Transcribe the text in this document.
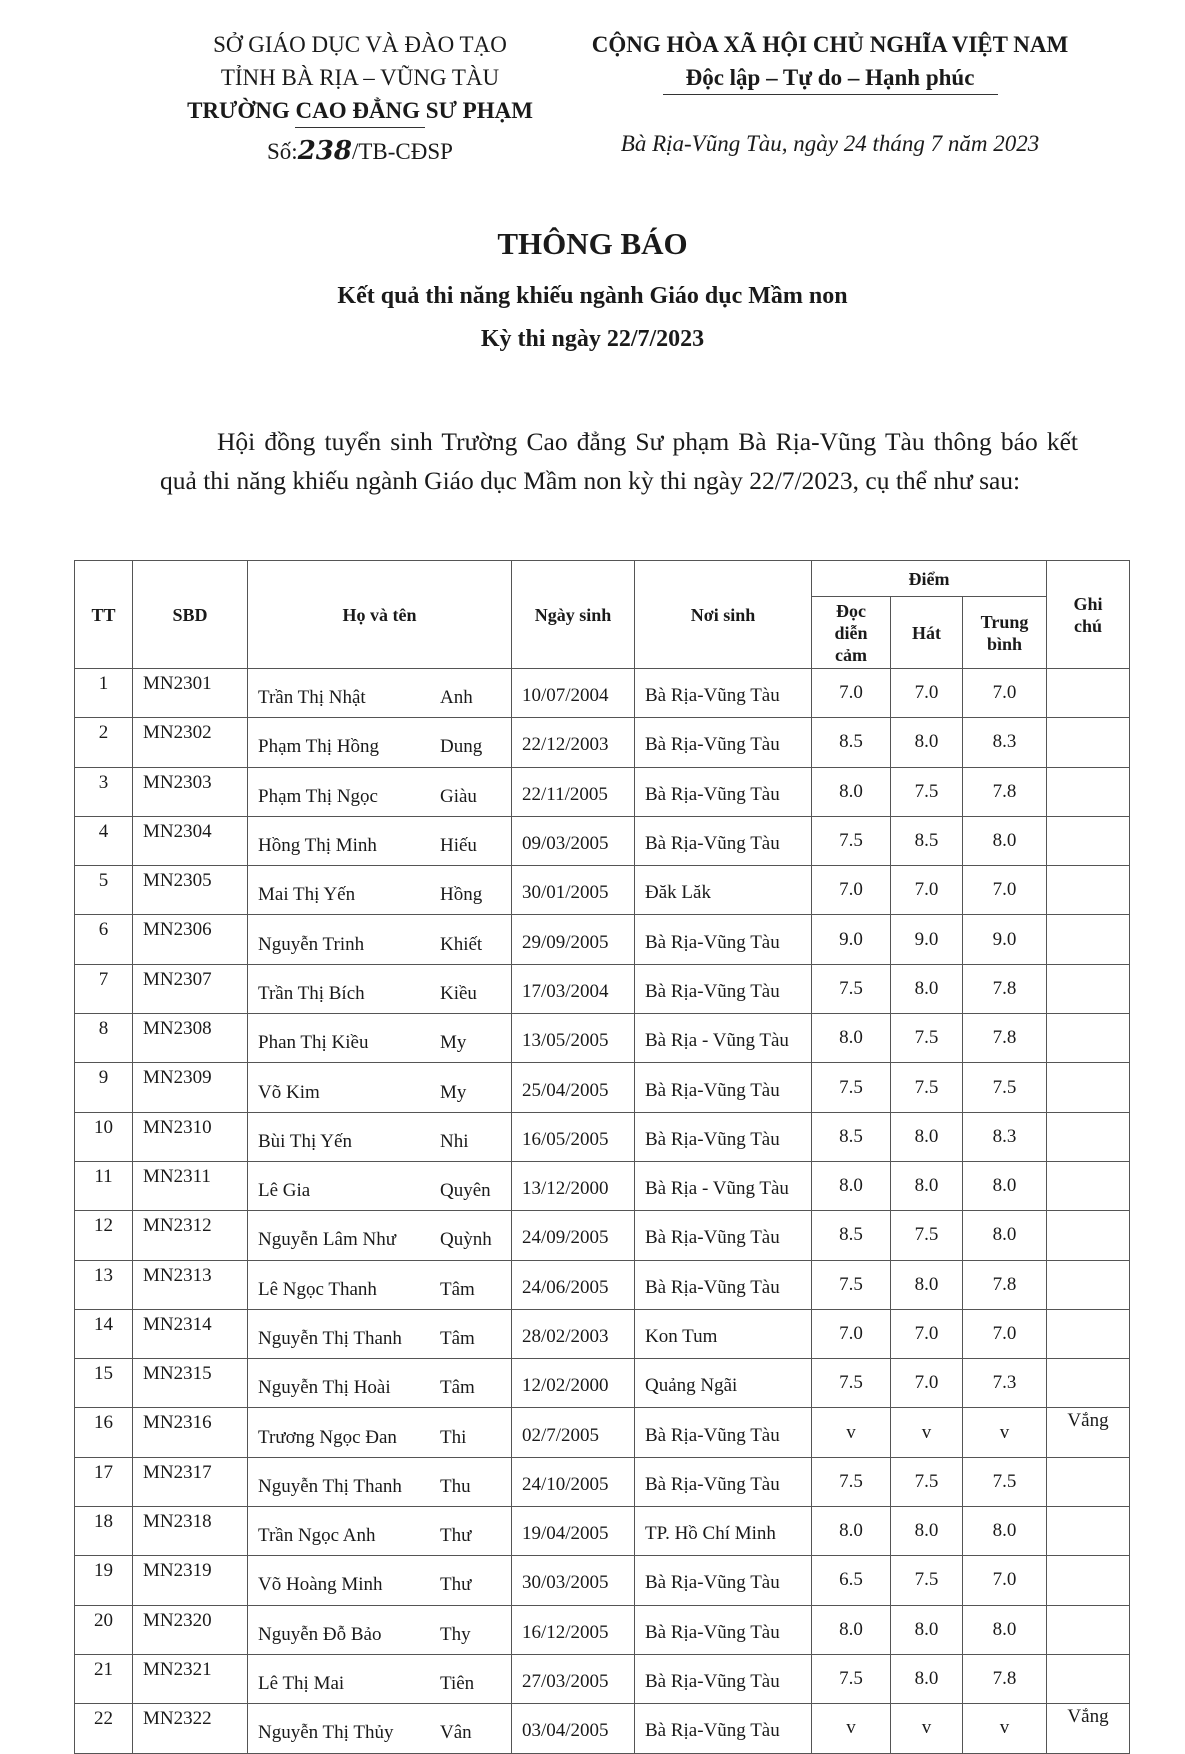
SỞ GIÁO DỤC VÀ ĐÀO TẠO
TỈNH BÀ RỊA – VŨNG TÀU
TRƯỜNG CAO ĐẲNG SƯ PHẠM
CỘNG HÒA XÃ HỘI CHỦ NGHĨA VIỆT NAM
Độc lập – Tự do – Hạnh phúc
Số:238/TB-CĐSP	Bà Rịa-Vũng Tàu, ngày 24 tháng 7 năm 2023
THÔNG BÁO
Kết quả thi năng khiếu ngành Giáo dục Mầm non
Kỳ thi ngày 22/7/2023

Hội đồng tuyển sinh Trường Cao đẳng Sư phạm Bà Rịa-Vũng Tàu thông báo kết quả thi năng khiếu ngành Giáo dục Mầm non kỳ thi ngày 22/7/2023, cụ thể như sau:

TT	SBD	Họ và tên	Ngày sinh	Nơi sinh	Điểm			Ghi chú
					Đọc diễn cảm	Hát	Trung bình	
1	MN2301	Trần Thị Nhật Anh	10/07/2004	Bà Rịa-Vũng Tàu	7.0	7.0	7.0	
2	MN2302	Phạm Thị Hồng Dung	22/12/2003	Bà Rịa-Vũng Tàu	8.5	8.0	8.3	
3	MN2303	Phạm Thị Ngọc Giàu	22/11/2005	Bà Rịa-Vũng Tàu	8.0	7.5	7.8	
4	MN2304	Hồng Thị Minh Hiếu	09/03/2005	Bà Rịa-Vũng Tàu	7.5	8.5	8.0	
5	MN2305	Mai Thị Yến Hồng	30/01/2005	Đăk Lăk	7.0	7.0	7.0	
6	MN2306	Nguyễn Trinh Khiết	29/09/2005	Bà Rịa-Vũng Tàu	9.0	9.0	9.0	
7	MN2307	Trần Thị Bích Kiều	17/03/2004	Bà Rịa-Vũng Tàu	7.5	8.0	7.8	
8	MN2308	Phan Thị Kiều My	13/05/2005	Bà Rịa - Vũng Tàu	8.0	7.5	7.8	
9	MN2309	Võ Kim My	25/04/2005	Bà Rịa-Vũng Tàu	7.5	7.5	7.5	
10	MN2310	Bùi Thị Yến Nhi	16/05/2005	Bà Rịa-Vũng Tàu	8.5	8.0	8.3	
11	MN2311	Lê Gia Quyên	13/12/2000	Bà Rịa - Vũng Tàu	8.0	8.0	8.0	
12	MN2312	Nguyễn Lâm Như Quỳnh	24/09/2005	Bà Rịa-Vũng Tàu	8.5	7.5	8.0	
13	MN2313	Lê Ngọc Thanh Tâm	24/06/2005	Bà Rịa-Vũng Tàu	7.5	8.0	7.8	
14	MN2314	Nguyễn Thị Thanh Tâm	28/02/2003	Kon Tum	7.0	7.0	7.0	
15	MN2315	Nguyễn Thị Hoài Tâm	12/02/2000	Quảng Ngãi	7.5	7.0	7.3	
16	MN2316	Trương Ngọc Đan Thi	02/7/2005	Bà Rịa-Vũng Tàu	v	v	v	Vắng
17	MN2317	Nguyễn Thị Thanh Thu	24/10/2005	Bà Rịa-Vũng Tàu	7.5	7.5	7.5	
18	MN2318	Trần Ngọc Anh Thư	19/04/2005	TP. Hồ Chí Minh	8.0	8.0	8.0	
19	MN2319	Võ Hoàng Minh Thư	30/03/2005	Bà Rịa-Vũng Tàu	6.5	7.5	7.0	
20	MN2320	Nguyễn Đỗ Bảo Thy	16/12/2005	Bà Rịa-Vũng Tàu	8.0	8.0	8.0	
21	MN2321	Lê Thị Mai Tiên	27/03/2005	Bà Rịa-Vũng Tàu	7.5	8.0	7.8	
22	MN2322	Nguyễn Thị Thủy Vân	03/04/2005	Bà Rịa-Vũng Tàu	v	v	v	Vắng
